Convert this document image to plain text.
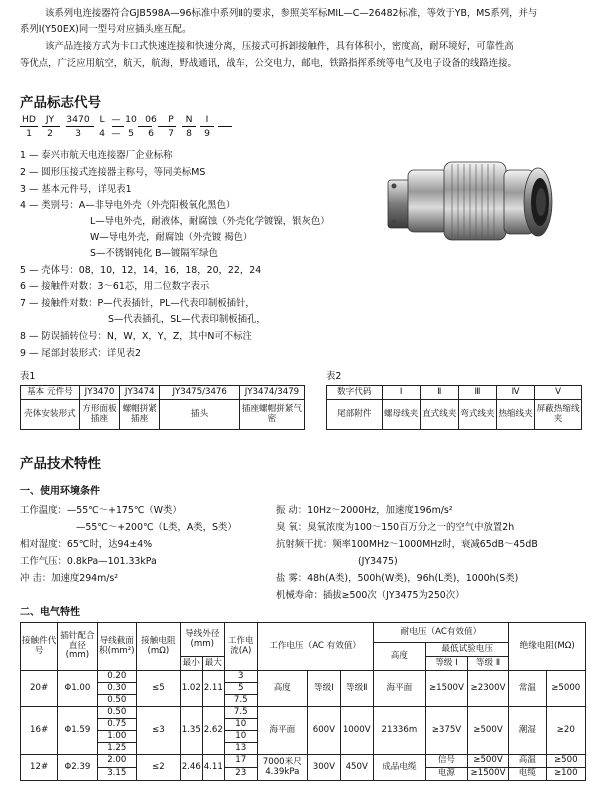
该系列电连接器符合GJB598A—96标准中系列Ⅱ的要求，参照美军标MIL—C—26482标准，等效于YB，MS系列，并与
系列I(Y50EX)同一型号对应插头座互配。
该产品连接方式为卡口式快速连接和快速分离，压接式可拆卸接触件，具有体积小，密度高，耐环境好，可靠性高
等优点，广泛应用航空，航天，航海，野战通讯，战车，公交电力，邮电，铁路指挥系统等电气及电子设备的线路连接。
产品标志代号
HD JY 3470 L — 10 06 P N I
1 2 3 4 — 5 6 7 8 9
1 — 泰兴市航天电连接器厂企业标称
2 — 圆形压接式连接器主称号，等同美标MS
3 — 基本元件号，详见表1
4 — 类别号：A—非导电外壳（外壳阳极氧化黑色）
L—导电外壳，耐液体，耐腐蚀（外壳化学镀镍，银灰色）
W—导电外壳，耐腐蚀（外壳镀 褐色）
S—不锈钢钝化 B—镀隔军绿色
5 — 壳体号：08，10，12，14，16，18，20，22，24
6 — 接触件对数：3～61芯，用二位数字表示
7 — 接触件对数：P—代表插针，PL—代表印制板插针，
S—代表插孔，SL—代表印制板插孔，
8 — 防误插转位号：N，W，X，Y，Z，其中N可不标注
9 — 尾部封装形式：详见表2
表1
基本 元件号	JY3470	JY3474	JY3475/3476	JY3474/3479
壳体安装形式	方形面板插座	螺帽拼紧插座	插头	插座螺帽拼紧气密
表2
数字代码	I	Ⅱ	Ⅲ	Ⅳ	V
尾部附件	螺母线夹	直式线夹	弯式线夹	热缩线夹	屏蔽热缩线夹
产品技术特性
一、使用环境条件
工作温度：—55℃～+175℃（W类）
—55℃～+200℃（L类，A类，S类）
相对湿度：65℃时，达94±4%
工作气压：0.8kPa—101.33kPa
冲 击：加速度294m/s²
振 动：10Hz～2000Hz，加速度196m/s²
臭 氧：臭氧浓度为100～150百万分之一的空气中放置2h
抗射频干扰：频率100MHz～1000MHz时，衰减65dB～45dB
(JY3475)
盐 雾：48h(A类)，500h(W类)，96h(L类)，1000h(S类)
机械寿命：插拔≥500次（JY3475为250次）
二、电气特性
接触件代号	插针配合直径(mm)	导线截面积(mm²)	接触电阻(mΩ)	导线外径(mm)		工作电流(A)	工作电压（AC 有效值）			耐电压（AC有效值）			绝缘电阻(MΩ)	
										高度	最低试验电压			
				最小	最大						等级 I	等级 Ⅱ		
20#	Φ1.00	0.20	≤5	1.02	2.11	3	高度	等级I	等级Ⅱ	海平面	≥1500V	≥2300V	常温	≥5000
		0.30				5								
		0.50				7.5								
16#	Φ1.59	0.50	≤3	1.35	2.62	7.5	海平面	600V	1000V	21336m	≥375V	≥500V	潮湿	≥20
		0.75				10								
		1.00				10								
		1.25				13								
12#	Φ2.39	2.00	≤2	2.46	4.11	17	7000米尺4.39kPa	300V	450V	成品电缆	信号	≥500V	高温	≥500
		3.15				23					电源	≥1500V	电缆	≥100
